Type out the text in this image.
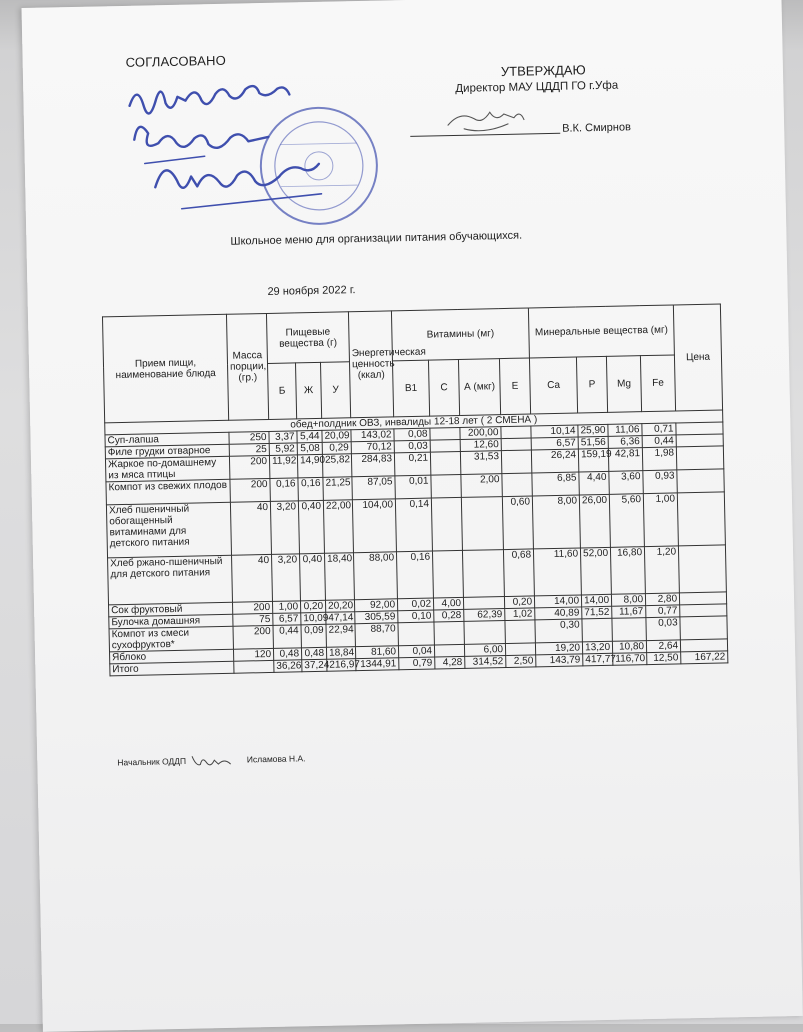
СОГЛАСОВАНО
Ознакомлено Директор А.Р. Нургалиев
УТВЕРЖДАЮ
Директор МАУ ЦДДП ГО г.Уфа
В.К. Смирнов
Школьное меню для организации питания обучающихся.
29 ноября 2022 г.
Прием пищи, наименование блюда	Масса порции, (гр.)	Пищевые вещества (г)			Энергетическая ценность (ккал)	Витамины (мг)				Минеральные вещества (мг)				Цена
		Б	Ж	У		B1	C	А (мкг)	Е	Ca	P	Mg	Fe	
обед+полдник ОВЗ, инвалиды 12-18 лет ( 2 СМЕНА )														
Суп-лапша	250	3,37	5,44	20,09	143,02	0,08		200,00		10,14	25,90	11,06	0,71	
Филе грудки отварное	25	5,92	5,08	0,29	70,12	0,03		12,60		6,57	51,56	6,36	0,44	
Жаркое по-домашнему из мяса птицы	200	11,92	14,90	25,82	284,83	0,21		31,53		26,24	159,19	42,81	1,98	
Компот из свежих плодов	200	0,16	0,16	21,25	87,05	0,01		2,00		6,85	4,40	3,60	0,93	
Хлеб пшеничный обогащенный витаминами для детского питания	40	3,20	0,40	22,00	104,00	0,14			0,60	8,00	26,00	5,60	1,00	
Хлеб ржано-пшеничный для детского питания	40	3,20	0,40	18,40	88,00	0,16			0,68	11,60	52,00	16,80	1,20	
Сок фруктовый	200	1,00	0,20	20,20	92,00	0,02	4,00		0,20	14,00	14,00	8,00	2,80	
Булочка домашняя	75	6,57	10,09	47,14	305,59	0,10	0,28	62,39	1,02	40,89	71,52	11,67	0,77	
Компот из смеси сухофруктов*	200	0,44	0,09	22,94	88,70					0,30			0,03	
Яблоко	120	0,48	0,48	18,84	81,60	0,04		6,00		19,20	13,20	10,80	2,64	
Итого		36,26	37,24	216,97	1344,91	0,79	4,28	314,52	2,50	143,79	417,77	116,70	12,50	167,22
Начальник ОДДП	Исламова Н.А.
